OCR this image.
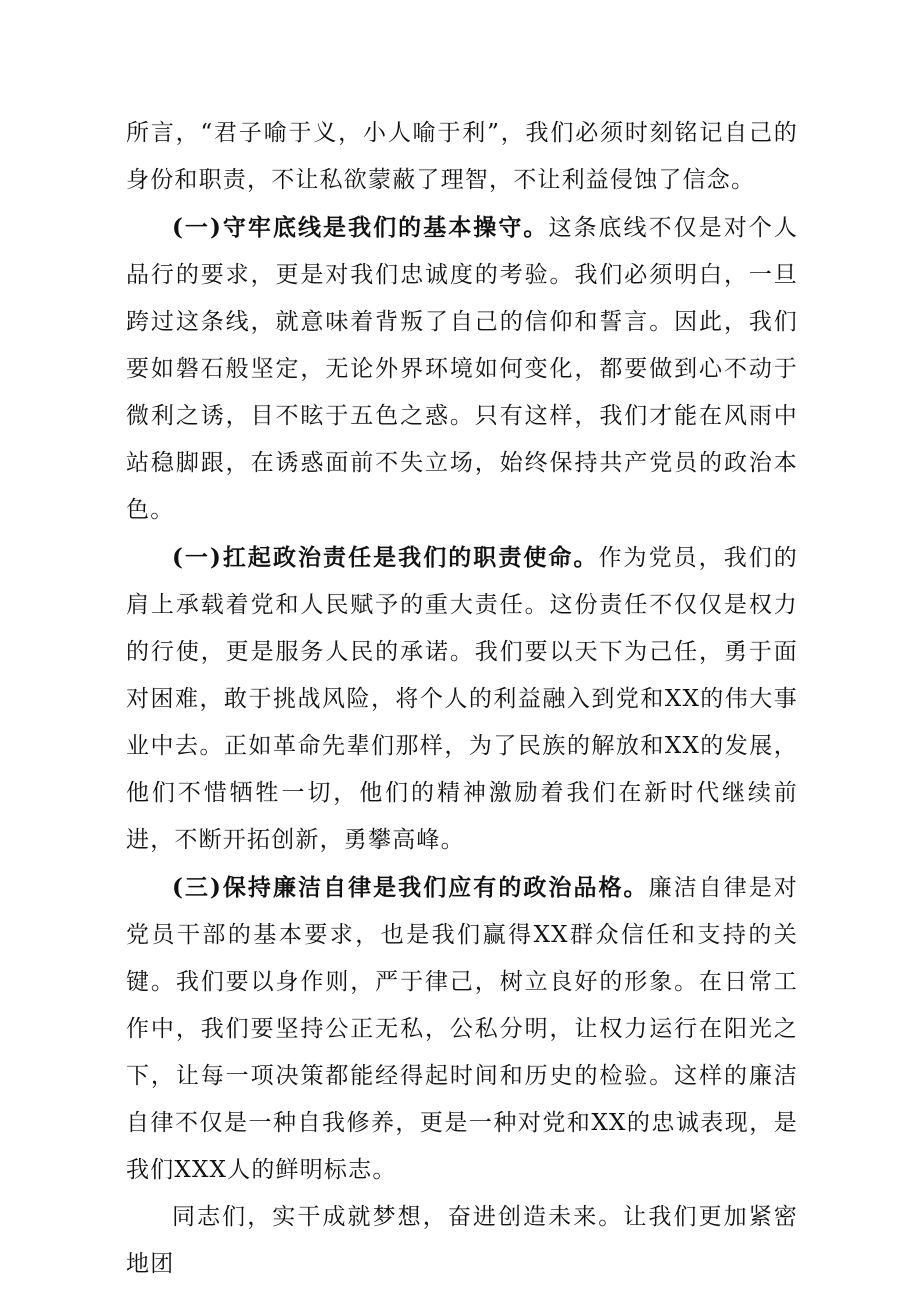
所言，“君子喻于义，小人喻于利”，我们必须时刻铭记自己的身份和职责，不让私欲蒙蔽了理智，不让利益侵蚀了信念。

(一)守牢底线是我们的基本操守。这条底线不仅是对个人品行的要求，更是对我们忠诚度的考验。我们必须明白，一旦跨过这条线，就意味着背叛了自己的信仰和誓言。因此，我们要如磐石般坚定，无论外界环境如何变化，都要做到心不动于微利之诱，目不眩于五色之惑。只有这样，我们才能在风雨中站稳脚跟，在诱惑面前不失立场，始终保持共产党员的政治本色。

(一)扛起政治责任是我们的职责使命。作为党员，我们的肩上承载着党和人民赋予的重大责任。这份责任不仅仅是权力的行使，更是服务人民的承诺。我们要以天下为己任，勇于面对困难，敢于挑战风险，将个人的利益融入到党和XX的伟大事业中去。正如革命先辈们那样，为了民族的解放和XX的发展，他们不惜牺牲一切，他们的精神激励着我们在新时代继续前进，不断开拓创新，勇攀高峰。

(三)保持廉洁自律是我们应有的政治品格。廉洁自律是对党员干部的基本要求，也是我们赢得XX群众信任和支持的关键。我们要以身作则，严于律己，树立良好的形象。在日常工作中，我们要坚持公正无私，公私分明，让权力运行在阳光之下，让每一项决策都能经得起时间和历史的检验。这样的廉洁自律不仅是一种自我修养，更是一种对党和XX的忠诚表现，是我们XXX人的鲜明标志。

同志们，实干成就梦想，奋进创造未来。让我们更加紧密地团
